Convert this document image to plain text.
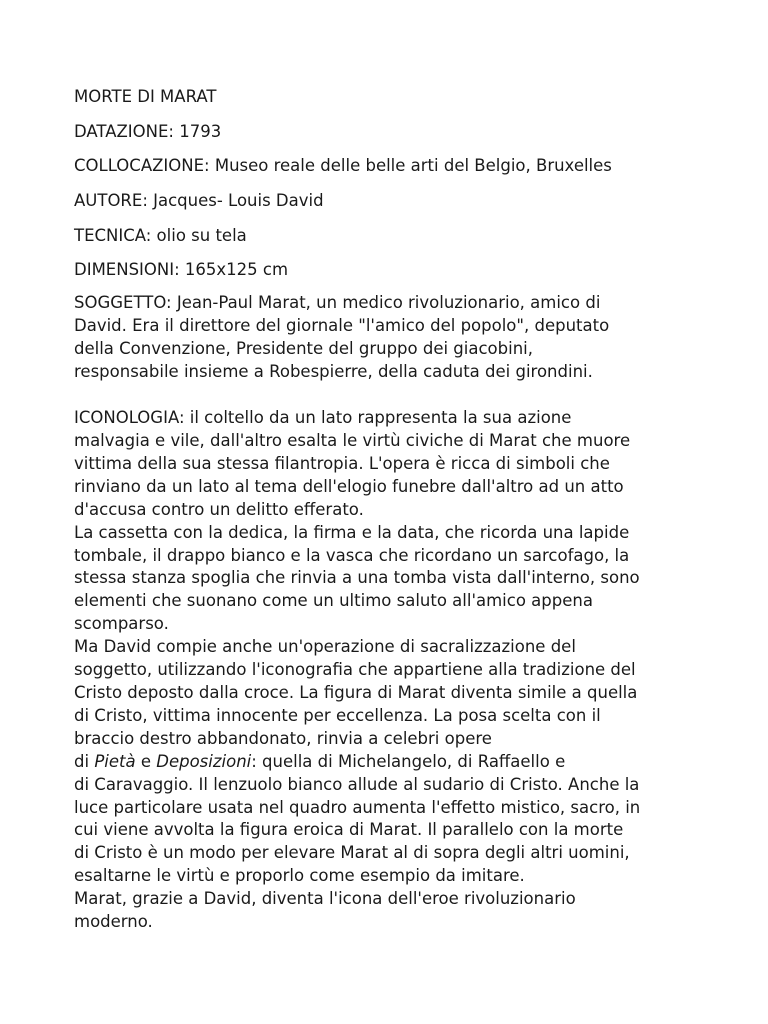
MORTE DI MARAT

DATAZIONE: 1793

COLLOCAZIONE: Museo reale delle belle arti del Belgio, Bruxelles

AUTORE: Jacques- Louis David

TECNICA: olio su tela

DIMENSIONI: 165x125 cm

SOGGETTO: Jean-Paul Marat, un medico rivoluzionario, amico di
David. Era il direttore del giornale "l'amico del popolo", deputato
della Convenzione, Presidente del gruppo dei giacobini,
responsabile insieme a Robespierre, della caduta dei girondini.
ICONOLOGIA: il coltello da un lato rappresenta la sua azione
malvagia e vile, dall'altro esalta le virtù civiche di Marat che muore
vittima della sua stessa filantropia. L'opera è ricca di simboli che
rinviano da un lato al tema dell'elogio funebre dall'altro ad un atto
d'accusa contro un delitto efferato.
La cassetta con la dedica, la firma e la data, che ricorda una lapide
tombale, il drappo bianco e la vasca che ricordano un sarcofago, la
stessa stanza spoglia che rinvia a una tomba vista dall'interno, sono
elementi che suonano come un ultimo saluto all'amico appena
scomparso.
Ma David compie anche un'operazione di sacralizzazione del
soggetto, utilizzando l'iconografia che appartiene alla tradizione del
Cristo deposto dalla croce. La figura di Marat diventa simile a quella
di Cristo, vittima innocente per eccellenza. La posa scelta con il
braccio destro abbandonato, rinvia a celebri opere
di Pietà e Deposizioni: quella di Michelangelo, di Raffaello e
di Caravaggio. Il lenzuolo bianco allude al sudario di Cristo. Anche la
luce particolare usata nel quadro aumenta l'effetto mistico, sacro, in
cui viene avvolta la figura eroica di Marat. Il parallelo con la morte
di Cristo è un modo per elevare Marat al di sopra degli altri uomini,
esaltarne le virtù e proporlo come esempio da imitare.
Marat, grazie a David, diventa l'icona dell'eroe rivoluzionario
moderno.
